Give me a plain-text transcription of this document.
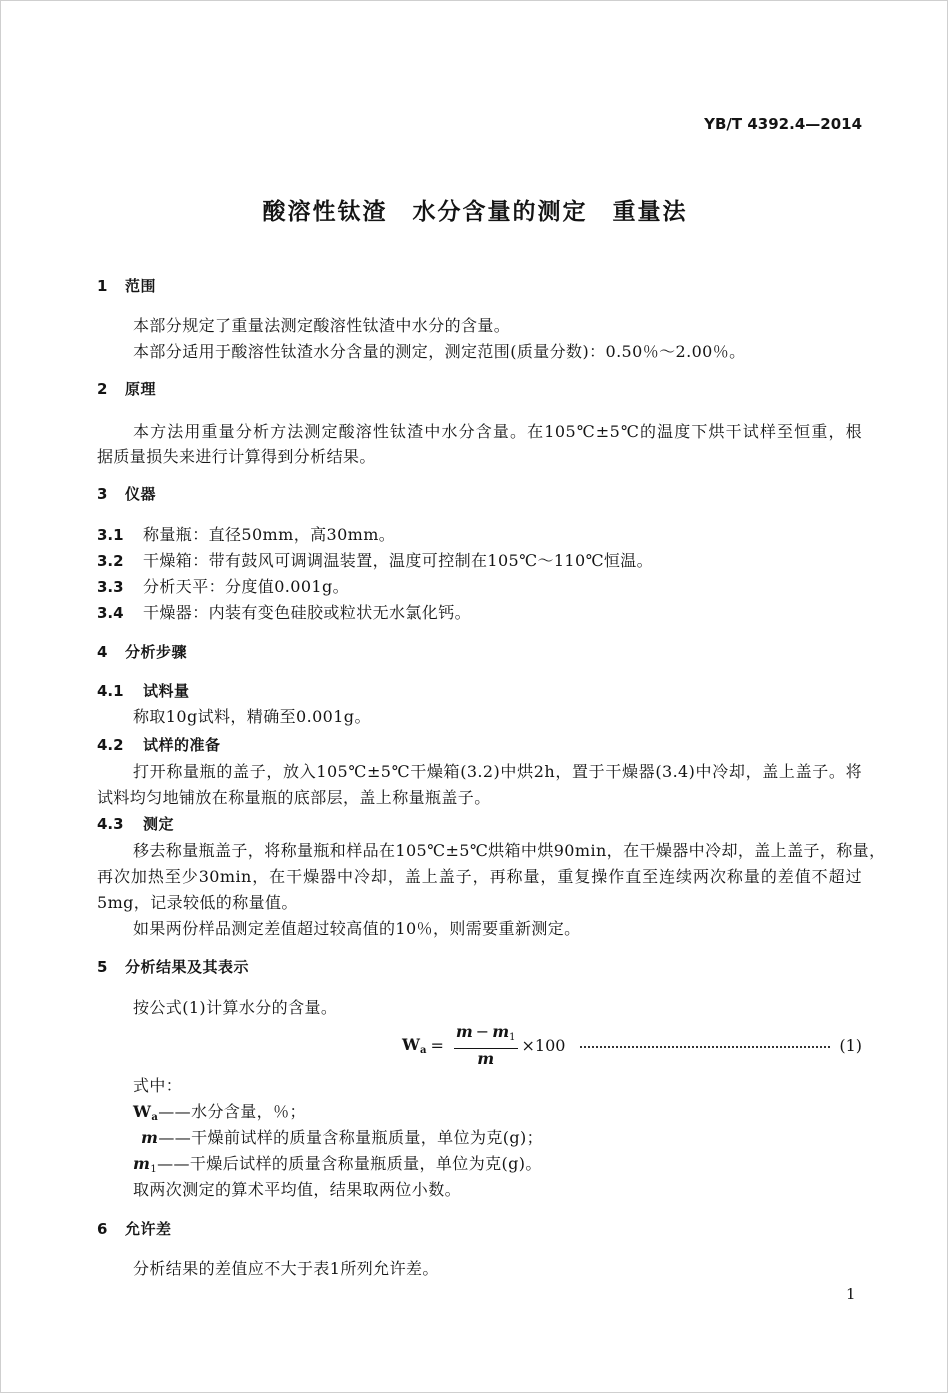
YB/T 4392.4—2014
酸溶性钛渣　水分含量的测定　重量法
1 范围
本部分规定了重量法测定酸溶性钛渣中水分的含量。
本部分适用于酸溶性钛渣水分含量的测定，测定范围(质量分数)：0.50％～2.00％。
2 原理
本方法用重量分析方法测定酸溶性钛渣中水分含量。在105℃±5℃的温度下烘干试样至恒重，根
据质量损失来进行计算得到分析结果。
3 仪器
3.1 称量瓶：直径50mm，高30mm。
3.2 干燥箱：带有鼓风可调调温装置，温度可控制在105℃～110℃恒温。
3.3 分析天平：分度值0.001g。
3.4 干燥器：内装有变色硅胶或粒状无水氯化钙。
4 分析步骤
4.1 试料量
称取10g试料，精确至0.001g。
4.2 试样的准备
打开称量瓶的盖子，放入105℃±5℃干燥箱(3.2)中烘2h，置于干燥器(3.4)中冷却，盖上盖子。将
试料均匀地铺放在称量瓶的底部层，盖上称量瓶盖子。
4.3 测定
移去称量瓶盖子，将称量瓶和样品在105℃±5℃烘箱中烘90min，在干燥器中冷却，盖上盖子，称量，
再次加热至少30min，在干燥器中冷却，盖上盖子，再称量，重复操作直至连续两次称量的差值不超过
5mg，记录较低的称量值。
如果两份样品测定差值超过较高值的10％，则需要重新测定。
5 分析结果及其表示
按公式(1)计算水分的含量。
$W_a = \frac{m - m_1}{m} \times 100$	(1)
式中：
$W_a——$水分含量，％；
m——干燥前试样的质量含称量瓶质量，单位为克(g)；
$m_1——$干燥后试样的质量含称量瓶质量，单位为克(g)。
取两次测定的算术平均值，结果取两位小数。
6 允许差
分析结果的差值应不大于表1所列允许差。
1
